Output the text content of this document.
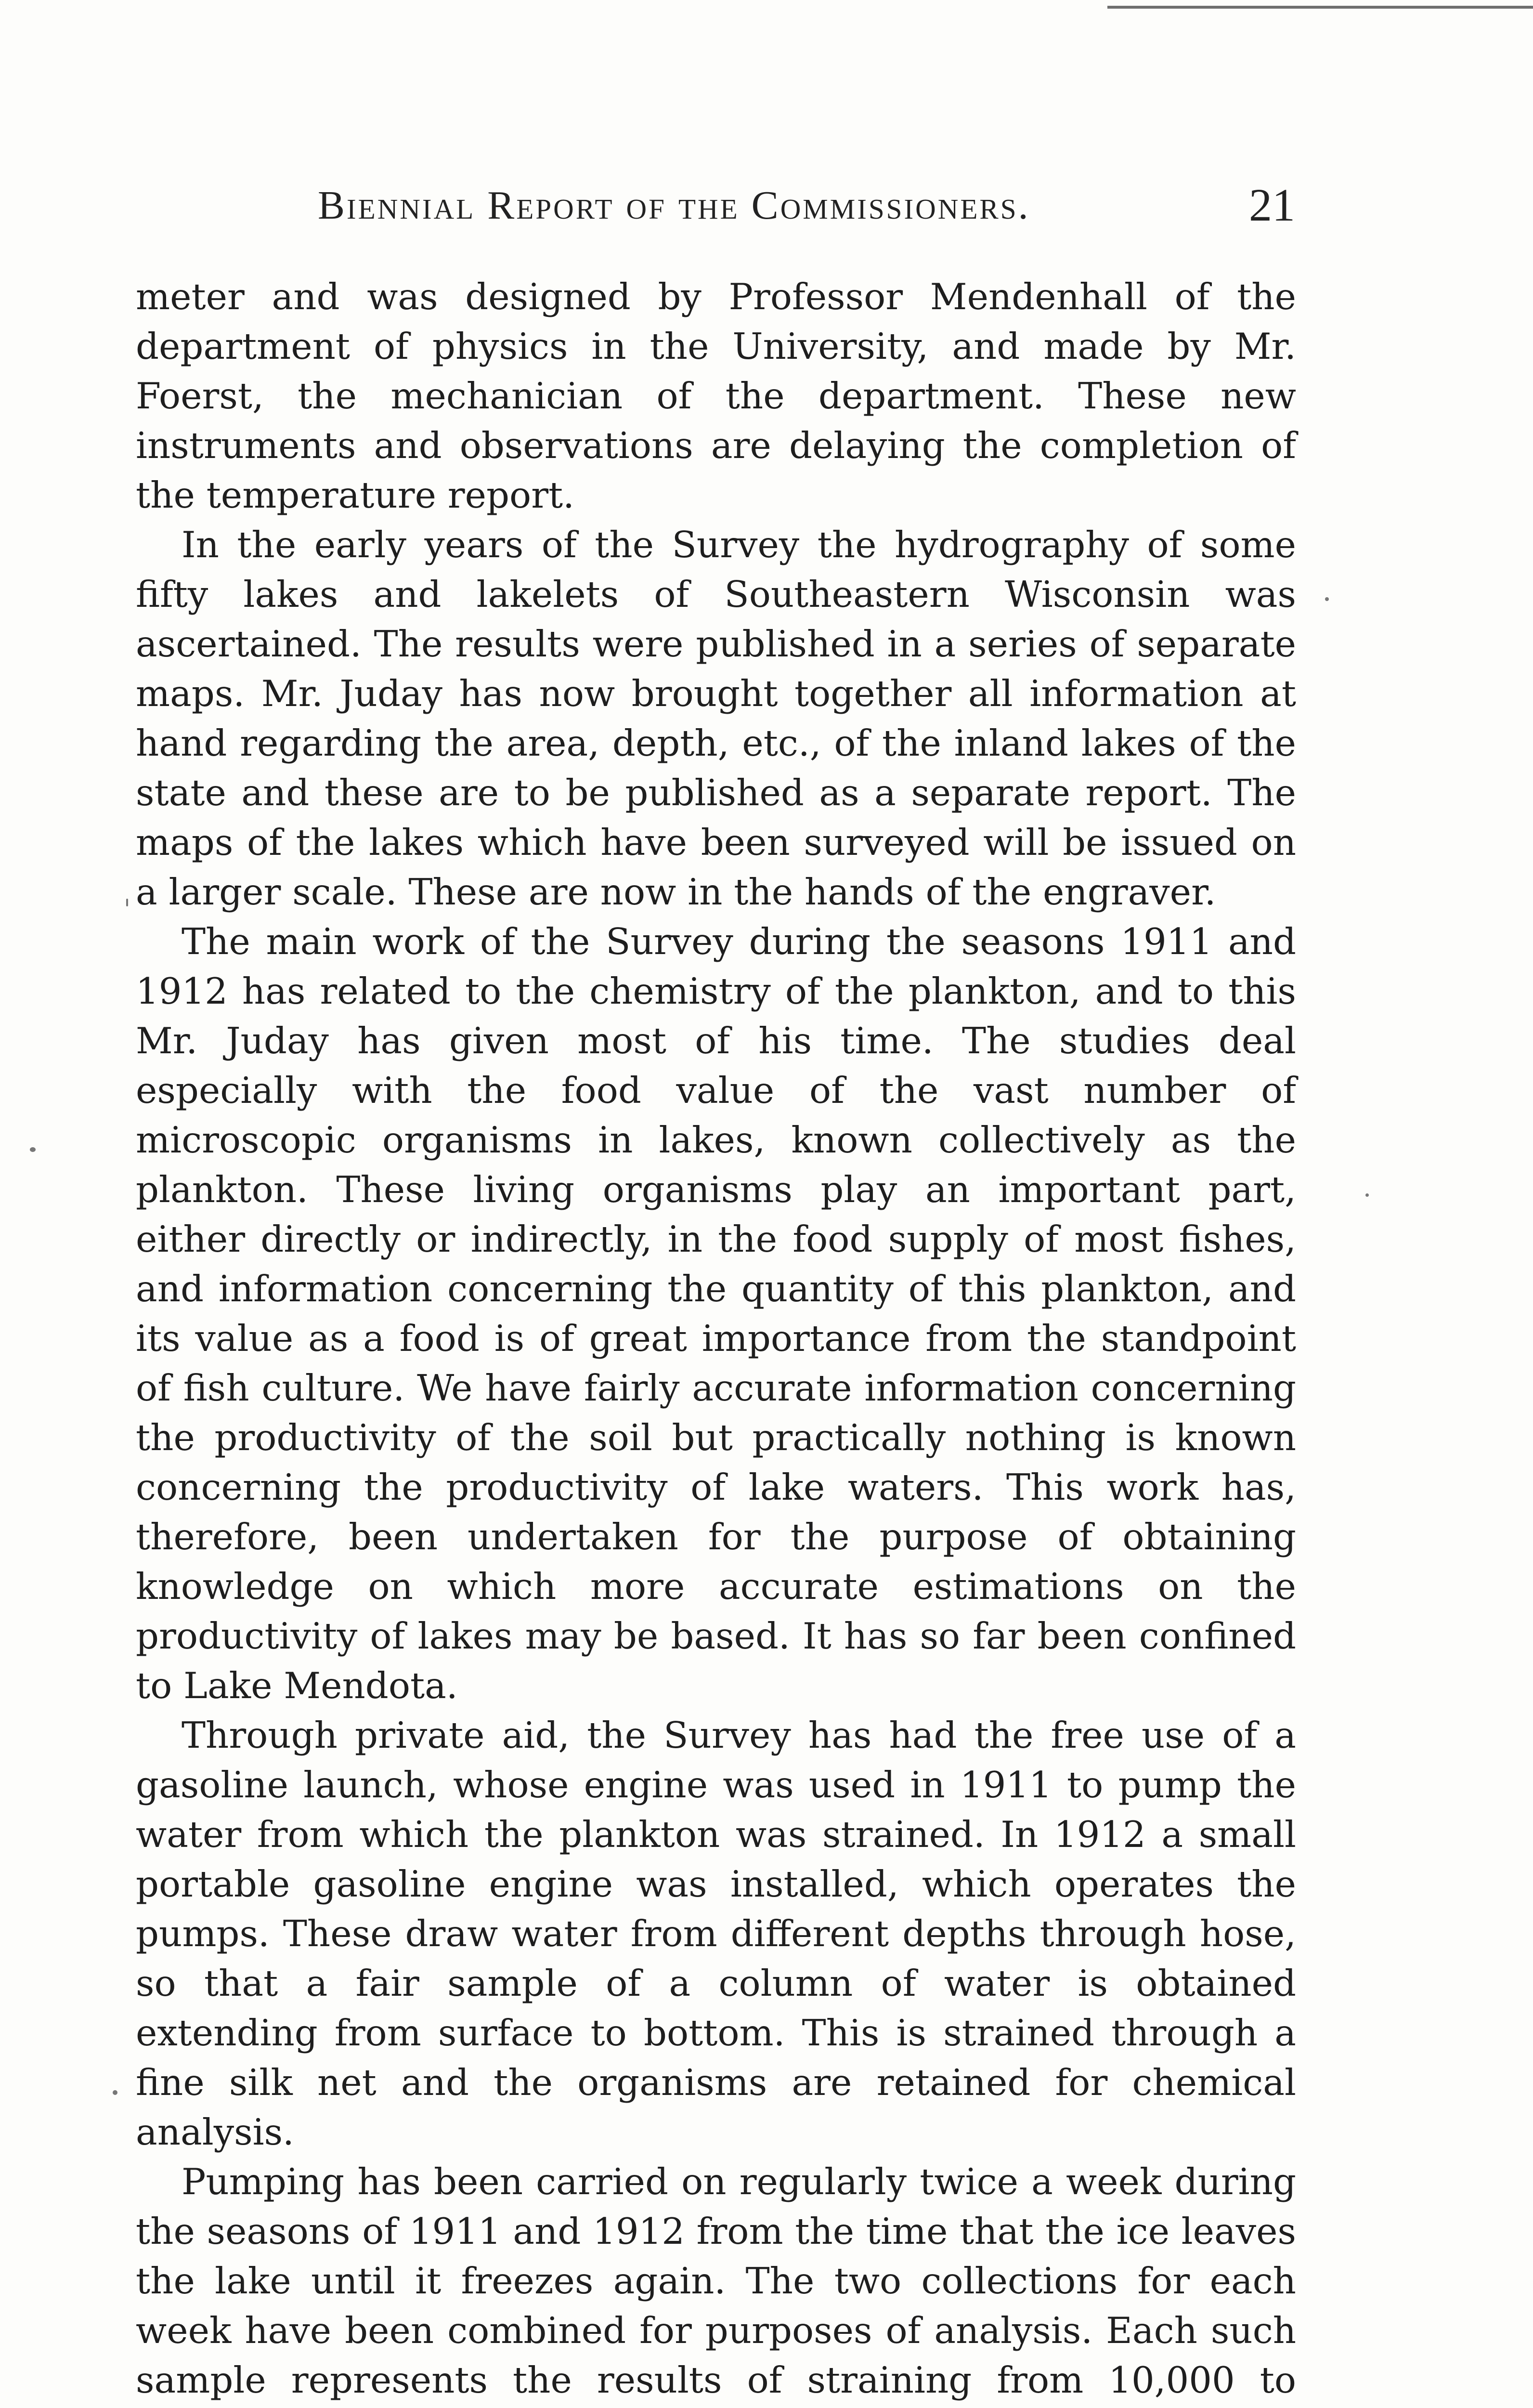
Biennial Report of the Commissioners.	21

meter and was designed by Professor Mendenhall of the department of physics in the University, and made by Mr. Foerst, the mechanician of the department. These new instruments and observations are delaying the completion of the temperature report.

In the early years of the Survey the hydrography of some fifty lakes and lakelets of Southeastern Wisconsin was ascertained. The results were published in a series of separate maps. Mr. Juday has now brought together all information at hand regarding the area, depth, etc., of the inland lakes of the state and these are to be published as a separate report. The maps of the lakes which have been surveyed will be issued on a larger scale. These are now in the hands of the engraver.

The main work of the Survey during the seasons 1911 and 1912 has related to the chemistry of the plankton, and to this Mr. Juday has given most of his time. The studies deal especially with the food value of the vast number of microscopic organisms in lakes, known collectively as the plankton. These living organisms play an important part, either directly or indirectly, in the food supply of most fishes, and information concerning the quantity of this plankton, and its value as a food is of great importance from the standpoint of fish culture. We have fairly accurate information concerning the productivity of the soil but practically nothing is known concerning the productivity of lake waters. This work has, therefore, been undertaken for the purpose of obtaining knowledge on which more accurate estimations on the productivity of lakes may be based. It has so far been confined to Lake Mendota.

Through private aid, the Survey has had the free use of a gasoline launch, whose engine was used in 1911 to pump the water from which the plankton was strained. In 1912 a small portable gasoline engine was installed, which operates the pumps. These draw water from different depths through hose, so that a fair sample of a column of water is obtained extending from surface to bottom. This is strained through a fine silk net and the organisms are retained for chemical analysis.

Pumping has been carried on regularly twice a week during the seasons of 1911 and 1912 from the time that the ice leaves the lake until it freezes again. The two collections for each week have been combined for purposes of analysis. Each such sample represents the results of straining from 10,000 to
